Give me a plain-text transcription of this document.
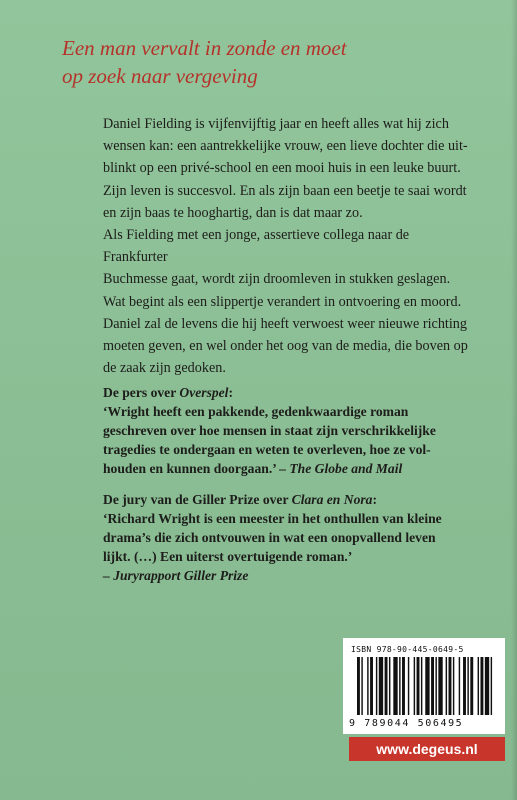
Een man vervalt in zonde en moet
op zoek naar vergeving

Daniel Fielding is vijfenvijftig jaar en heeft alles wat hij zich

wensen kan: een aantrekkelijke vrouw, een lieve dochter die uit-

blinkt op een privé-school en een mooi huis in een leuke buurt.

Zijn leven is succesvol. En als zijn baan een beetje te saai wordt

en zijn baas te hooghartig, dan is dat maar zo.

Als Fielding met een jonge, assertieve collega naar de Frankfurter

Buchmesse gaat, wordt zijn droomleven in stukken geslagen.

Wat begint als een slippertje verandert in ontvoering en moord.

Daniel zal de levens die hij heeft verwoest weer nieuwe richting

moeten geven, en wel onder het oog van de media, die boven op

de zaak zijn gedoken.

De pers over Overspel:
‘Wright heeft een pakkende, gedenkwaardige roman
geschreven over hoe mensen in staat zijn verschrikkelijke
tragedies te ondergaan en weten te overleven, hoe ze vol-
houden en kunnen doorgaan.’ – The Globe and Mail
De jury van de Giller Prize over Clara en Nora:
‘Richard Wright is een meester in het onthullen van kleine
drama’s die zich ontvouwen in wat een onopvallend leven
lijkt. (…) Een uiterst overtuigende roman.’
– Juryrapport Giller Prize
ISBN 978-90-445-0649-5
9 789044 506495
www.degeus.nl
